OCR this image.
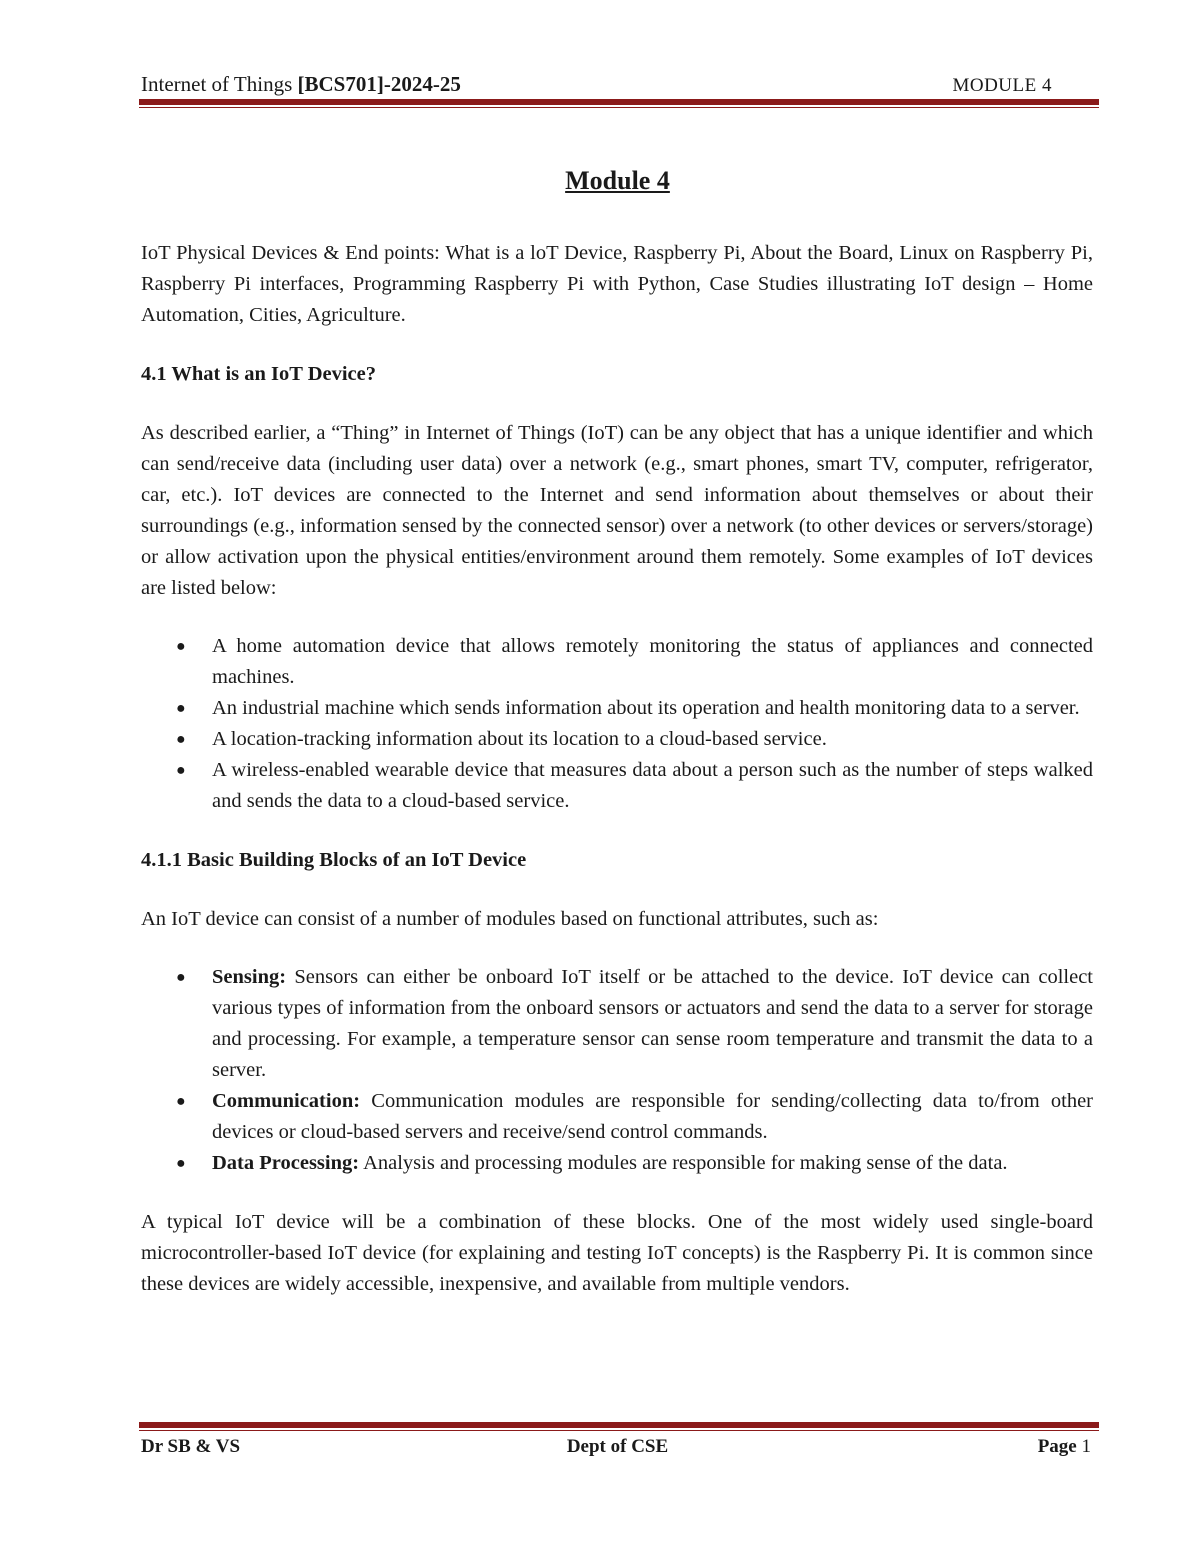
Internet of Things [BCS701]-2024-25	MODULE 4
Module 4

IoT Physical Devices & End points: What is a loT Device, Raspberry Pi, About the Board, Linux on Raspberry Pi, Raspberry Pi interfaces, Programming Raspberry Pi with Python, Case Studies illustrating IoT design – Home Automation, Cities, Agriculture.

4.1 What is an IoT Device?

As described earlier, a “Thing” in Internet of Things (IoT) can be any object that has a unique identifier and which can send/receive data (including user data) over a network (e.g., smart phones, smart TV, computer, refrigerator, car, etc.). IoT devices are connected to the Internet and send information about themselves or about their surroundings (e.g., information sensed by the connected sensor) over a network (to other devices or servers/storage) or allow activation upon the physical entities/environment around them remotely. Some examples of IoT devices are listed below:

● A home automation device that allows remotely monitoring the status of appliances and connected machines.
● An industrial machine which sends information about its operation and health monitoring data to a server.
● A location-tracking information about its location to a cloud-based service.
● A wireless-enabled wearable device that measures data about a person such as the number of steps walked and sends the data to a cloud-based service.
4.1.1 Basic Building Blocks of an IoT Device

An IoT device can consist of a number of modules based on functional attributes, such as:

● Sensing: Sensors can either be onboard IoT itself or be attached to the device. IoT device can collect various types of information from the onboard sensors or actuators and send the data to a server for storage and processing. For example, a temperature sensor can sense room temperature and transmit the data to a server.
● Communication: Communication modules are responsible for sending/collecting data to/from other devices or cloud-based servers and receive/send control commands.
● Data Processing: Analysis and processing modules are responsible for making sense of the data.

A typical IoT device will be a combination of these blocks. One of the most widely used single-board microcontroller-based IoT device (for explaining and testing IoT concepts) is the Raspberry Pi. It is common since these devices are widely accessible, inexpensive, and available from multiple vendors.

Dr SB & VS	Dept of CSE	Page 1
